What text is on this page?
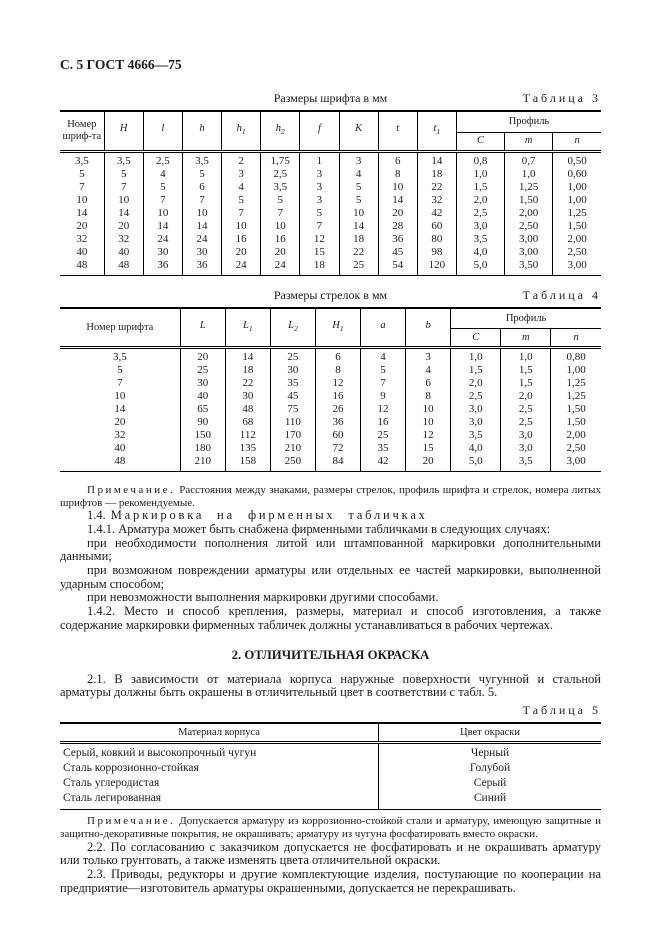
С. 5 ГОСТ 4666—75
Размеры шрифта в мм	Таблица 3
Номер шриф-та	H	l	h	$h_1$	$h_2$	f	K	t	$t_1$	Профиль		
										C	m	n
3,5	3,5	2,5	3,5	2	1,75	1	3	6	14	0,8	0,7	0,50
5	5	4	5	3	2,5	3	4	8	18	1,0	1,0	0,60
7	7	5	6	4	3,5	3	5	10	22	1,5	1,25	1,00
10	10	7	7	5	5	3	5	14	32	2,0	1,50	1,00
14	14	10	10	7	7	5	10	20	42	2,5	2,00	1,25
20	20	14	14	10	10	7	14	28	60	3,0	2,50	1,50
32	32	24	24	16	16	12	18	36	80	3,5	3,00	2,00
40	40	30	30	20	20	15	22	45	98	4,0	3,00	2,50
48	48	36	36	24	24	18	25	54	120	5,0	3,50	3,00
Размеры стрелок в мм	Таблица 4
Номер шрифта	L	$L_1$	$L_2$	$H_1$	a	b	Профиль		
							C	m	n
3,5	20	14	25	6	4	3	1,0	1,0	0,80
5	25	18	30	8	5	4	1,5	1,5	1,00
7	30	22	35	12	7	6	2,0	1,5	1,25
10	40	30	45	16	9	8	2,5	2,0	1,25
14	65	48	75	26	12	10	3,0	2,5	1,50
20	90	68	110	36	16	10	3,0	2,5	1,50
32	150	112	170	60	25	12	3,5	3,0	2,00
40	180	135	210	72	35	15	4,0	3,0	2,50
48	210	158	250	84	42	20	5,0	3,5	3,00

Примечание. Расстояния между знаками, размеры стрелок, профиль шрифта и стрелок, номера литых шрифтов — рекомендуемые.

1.4. Маркировка на фирменных табличках

1.4.1. Арматура может быть снабжена фирменными табличками в следующих случаях:

при необходимости пополнения литой или штампованной маркировки дополнительными данными;

при возможном повреждении арматуры или отдельных ее частей маркировки, выполненной ударным способом;

при невозможности выполнения маркировки другими способами.

1.4.2. Место и способ крепления, размеры, материал и способ изготовления, а также содержание маркировки фирменных табличек должны устанавливаться в рабочих чертежах.

2. ОТЛИЧИТЕЛЬНАЯ ОКРАСКА

2.1. В зависимости от материала корпуса наружные поверхности чугунной и стальной арматуры должны быть окрашены в отличительный цвет в соответствии с табл. 5.

Таблица 5
Материал корпуса	Цвет окраски
Серый, ковкий и высокопрочный чугун	Черный
Сталь коррозионно-стойкая	Голубой
Сталь углеродистая	Серый
Сталь легированная	Синий

Примечание. Допускается арматуру из коррозионно-стойкой стали и арматуру, имеющую защитные и защитно-декоративные покрытия, не окрашивать; арматуру из чугуна фосфатировать вместо окраски.

2.2. По согласованию с заказчиком допускается не фосфатировать и не окрашивать арматуру или только грунтовать, а также изменять цвета отличительной окраски.

2.3. Приводы, редукторы и другие комплектующие изделия, поступающие по кооперации на предприятие—изготовитель арматуры окрашенными, допускается не перекрашивать.
